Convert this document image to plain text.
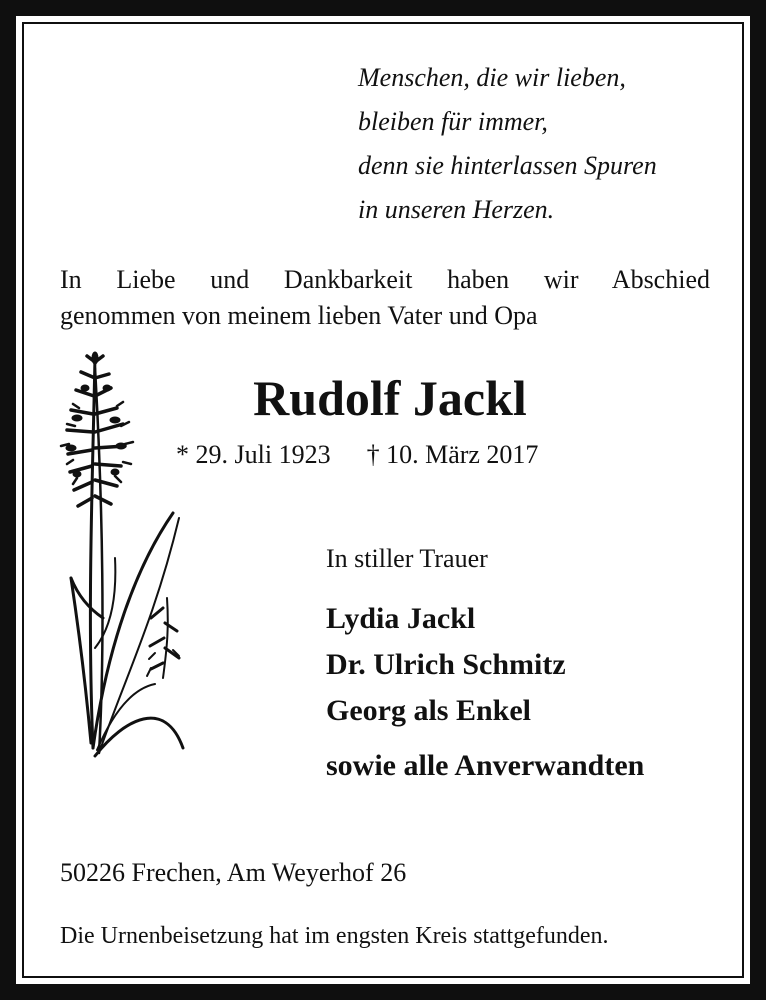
Menschen, die wir lieben,
bleiben für immer,
denn sie hinterlassen Spuren
in unseren Herzen.
In Liebe und Dankbarkeit haben wir Abschied
genommen von meinem lieben Vater und Opa
Rudolf Jackl
* 29. Juli 1923 † 10. März 2017
In stiller Trauer
Lydia Jackl
Dr. Ulrich Schmitz
Georg als Enkel
sowie alle Anverwandten
50226 Frechen, Am Weyerhof 26
Die Urnenbeisetzung hat im engsten Kreis stattgefunden.
